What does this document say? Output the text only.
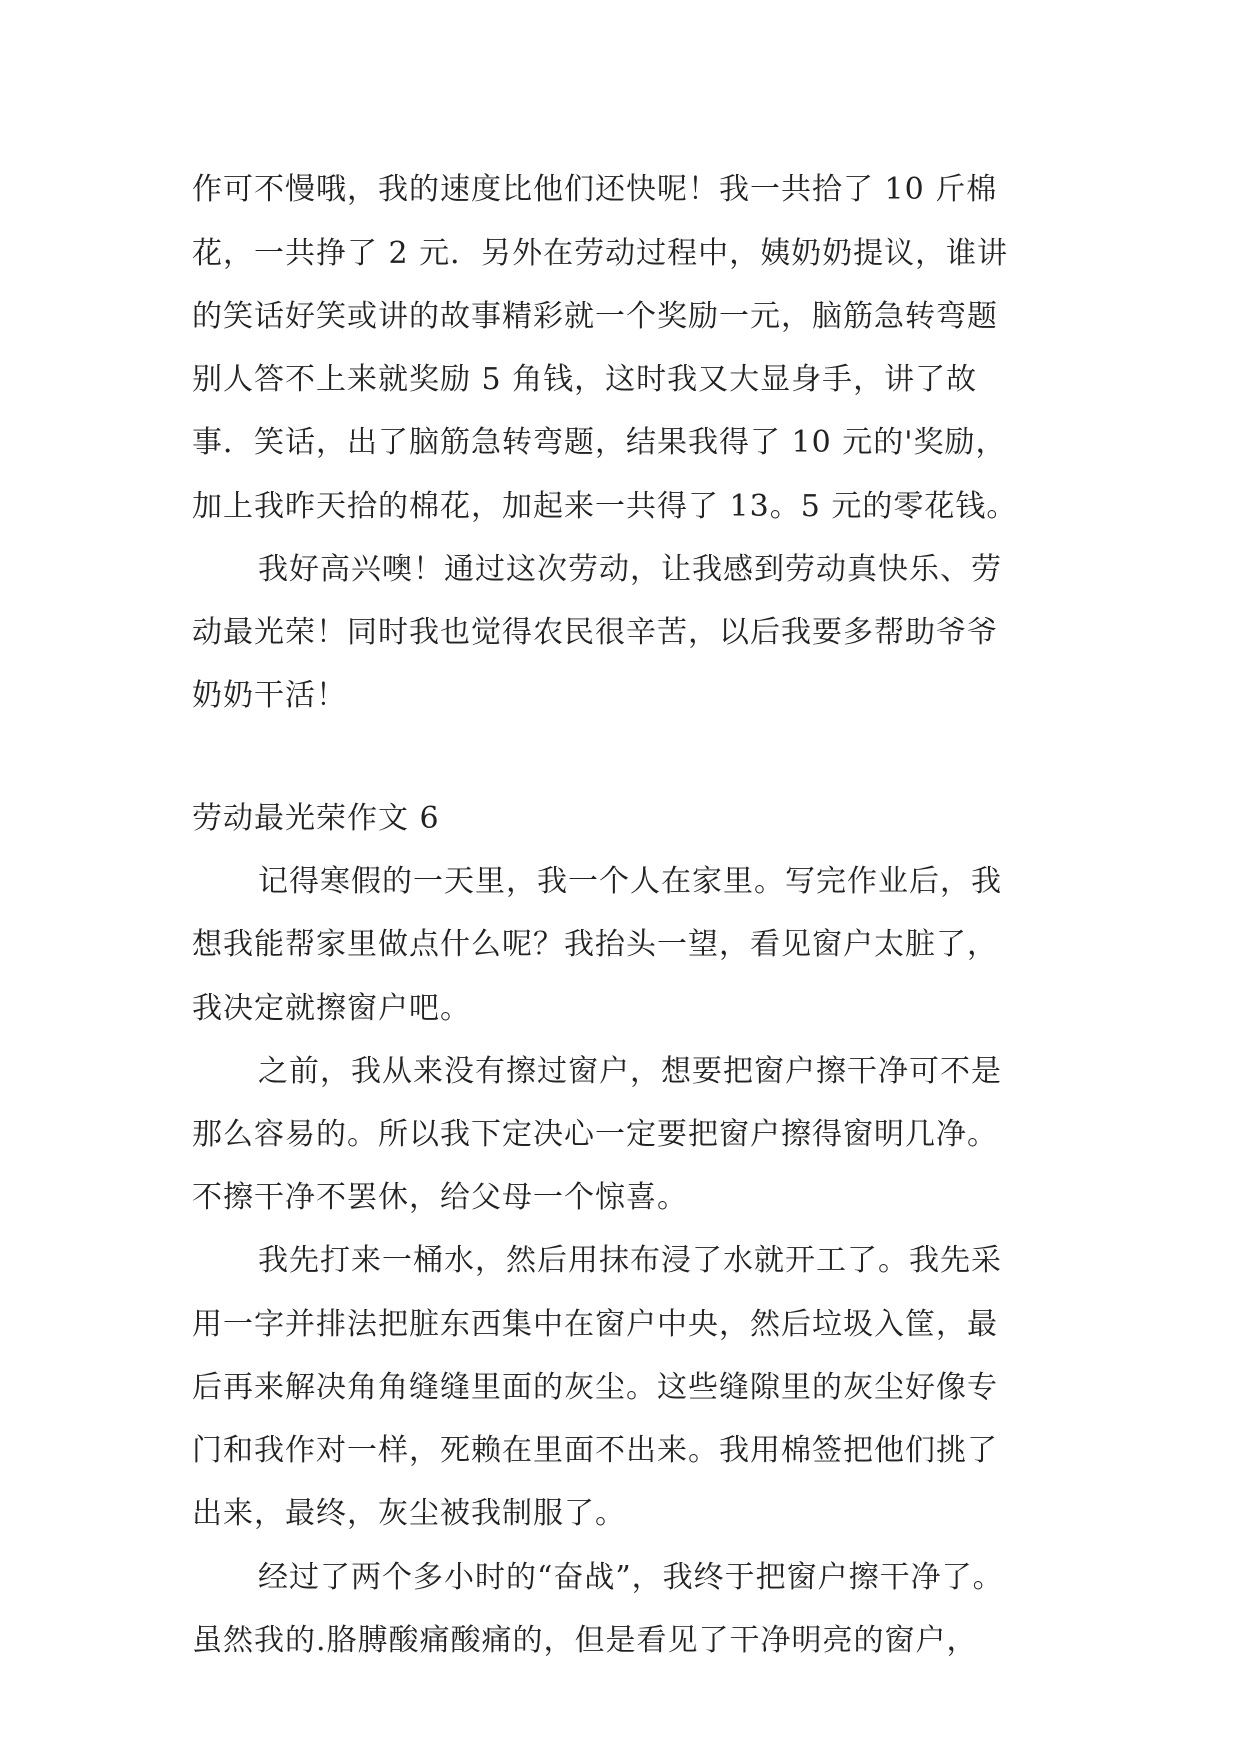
作可不慢哦，我的速度比他们还快呢！我一共拾了 10 斤棉
花，一共挣了 2 元．另外在劳动过程中，姨奶奶提议，谁讲
的笑话好笑或讲的故事精彩就一个奖励一元，脑筋急转弯题
别人答不上来就奖励 5 角钱，这时我又大显身手，讲了故
事．笑话，出了脑筋急转弯题，结果我得了 10 元的'奖励，
加上我昨天拾的棉花，加起来一共得了 13。5 元的零花钱。
我好高兴噢！通过这次劳动，让我感到劳动真快乐、劳
动最光荣！同时我也觉得农民很辛苦，以后我要多帮助爷爷
奶奶干活！
劳动最光荣作文 6
记得寒假的一天里，我一个人在家里。写完作业后，我
想我能帮家里做点什么呢？我抬头一望，看见窗户太脏了，
我决定就擦窗户吧。
之前，我从来没有擦过窗户，想要把窗户擦干净可不是
那么容易的。所以我下定决心一定要把窗户擦得窗明几净。
不擦干净不罢休，给父母一个惊喜。
我先打来一桶水，然后用抹布浸了水就开工了。我先采
用一字并排法把脏东西集中在窗户中央，然后垃圾入筐，最
后再来解决角角缝缝里面的灰尘。这些缝隙里的灰尘好像专
门和我作对一样，死赖在里面不出来。我用棉签把他们挑了
出来，最终，灰尘被我制服了。
经过了两个多小时的“奋战”，我终于把窗户擦干净了。
虽然我的.胳膊酸痛酸痛的，但是看见了干净明亮的窗户，
